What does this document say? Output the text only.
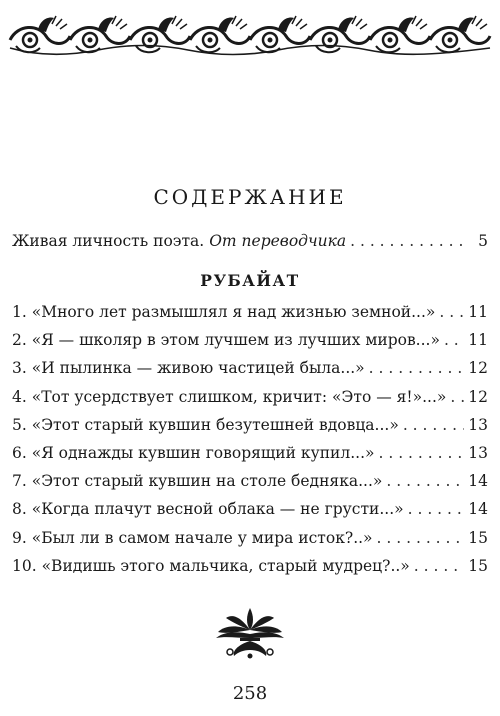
СОДЕРЖАНИЕ
Живая личность поэта. От переводчика . . .	5
РУБАЙАТ
1. «Много лет размышлял я над жизнью земной...» . . . 11
2. «Я — школяр в этом лучшем из лучших миров...» . . . 11
3. «И пылинка — живою частицей была...» . . .	12
4. «Тот усердствует слишком, кричит: «Это — я!»...» . . . 12
5. «Этот старый кувшин безутешней вдовца...» . . .	13
6. «Я однажды кувшин говорящий купил...» . . .	13
7. «Этот старый кувшин на столе бедняка...» . . .	14
8. «Когда плачут весной облака — не грусти...» . . .	14
9. «Был ли в самом начале у мира исток?..» . . .	15
10. «Видишь этого мальчика, старый мудрец?..» . . .	15
258
